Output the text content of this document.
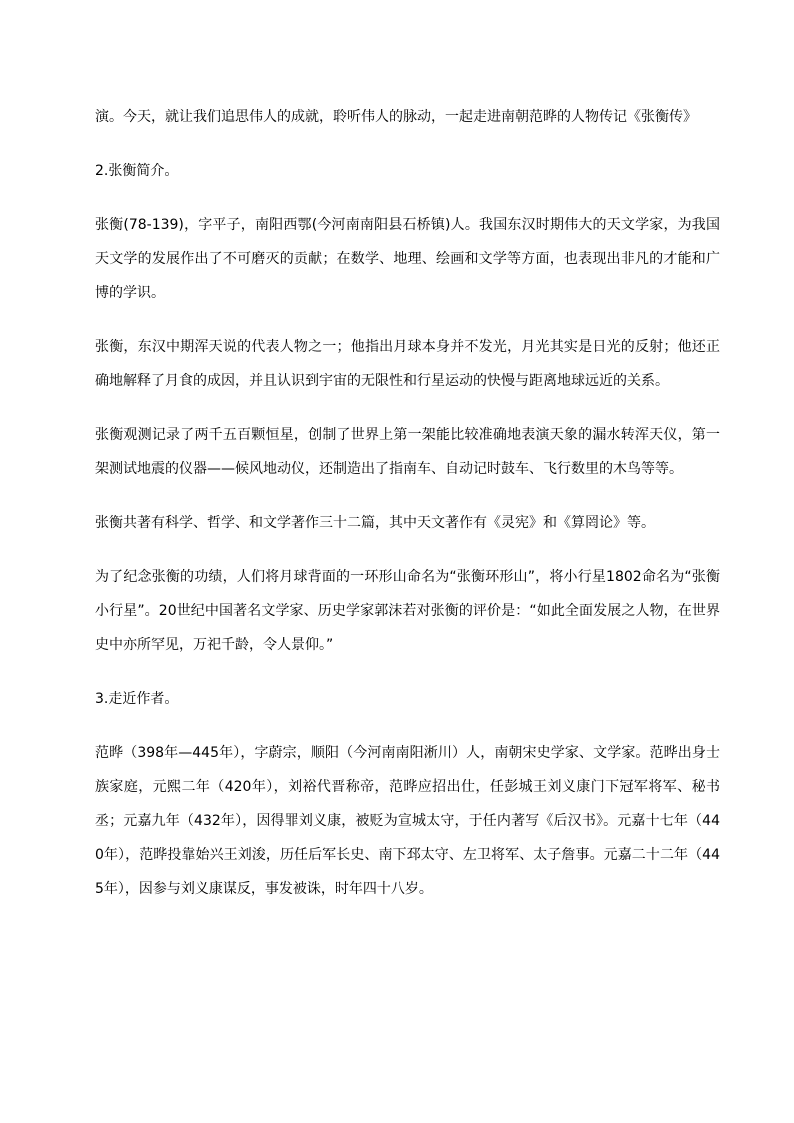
演。今天，就让我们追思伟人的成就，聆听伟人的脉动，一起走进南朝范晔的人物传记《张衡传》

2.张衡简介。

张衡(78-139)，字平子，南阳西鄂(今河南南阳县石桥镇)人。我国东汉时期伟大的天文学家，为我国天文学的发展作出了不可磨灭的贡献；在数学、地理、绘画和文学等方面，也表现出非凡的才能和广博的学识。

张衡，东汉中期浑天说的代表人物之一；他指出月球本身并不发光，月光其实是日光的反射；他还正确地解释了月食的成因，并且认识到宇宙的无限性和行星运动的快慢与距离地球远近的关系。

张衡观测记录了两千五百颗恒星，创制了世界上第一架能比较准确地表演天象的漏水转浑天仪，第一架测试地震的仪器——候风地动仪，还制造出了指南车、自动记时鼓车、飞行数里的木鸟等等。

张衡共著有科学、哲学、和文学著作三十二篇，其中天文著作有《灵宪》和《算罔论》等。

为了纪念张衡的功绩，人们将月球背面的一环形山命名为“张衡环形山”，将小行星1802命名为“张衡小行星”。20世纪中国著名文学家、历史学家郭沫若对张衡的评价是：“如此全面发展之人物，在世界史中亦所罕见，万祀千龄，令人景仰。”

3.走近作者。

范晔（398年—445年），字蔚宗，顺阳（今河南南阳淅川）人，南朝宋史学家、文学家。范晔出身士族家庭，元熙二年（420年），刘裕代晋称帝，范晔应招出仕，任彭城王刘义康门下冠军将军、秘书丞；元嘉九年（432年），因得罪刘义康，被贬为宣城太守，于任内著写《后汉书》。元嘉十七年（440年），范晔投靠始兴王刘浚，历任后军长史、南下邳太守、左卫将军、太子詹事。元嘉二十二年（445年），因参与刘义康谋反，事发被诛，时年四十八岁。
